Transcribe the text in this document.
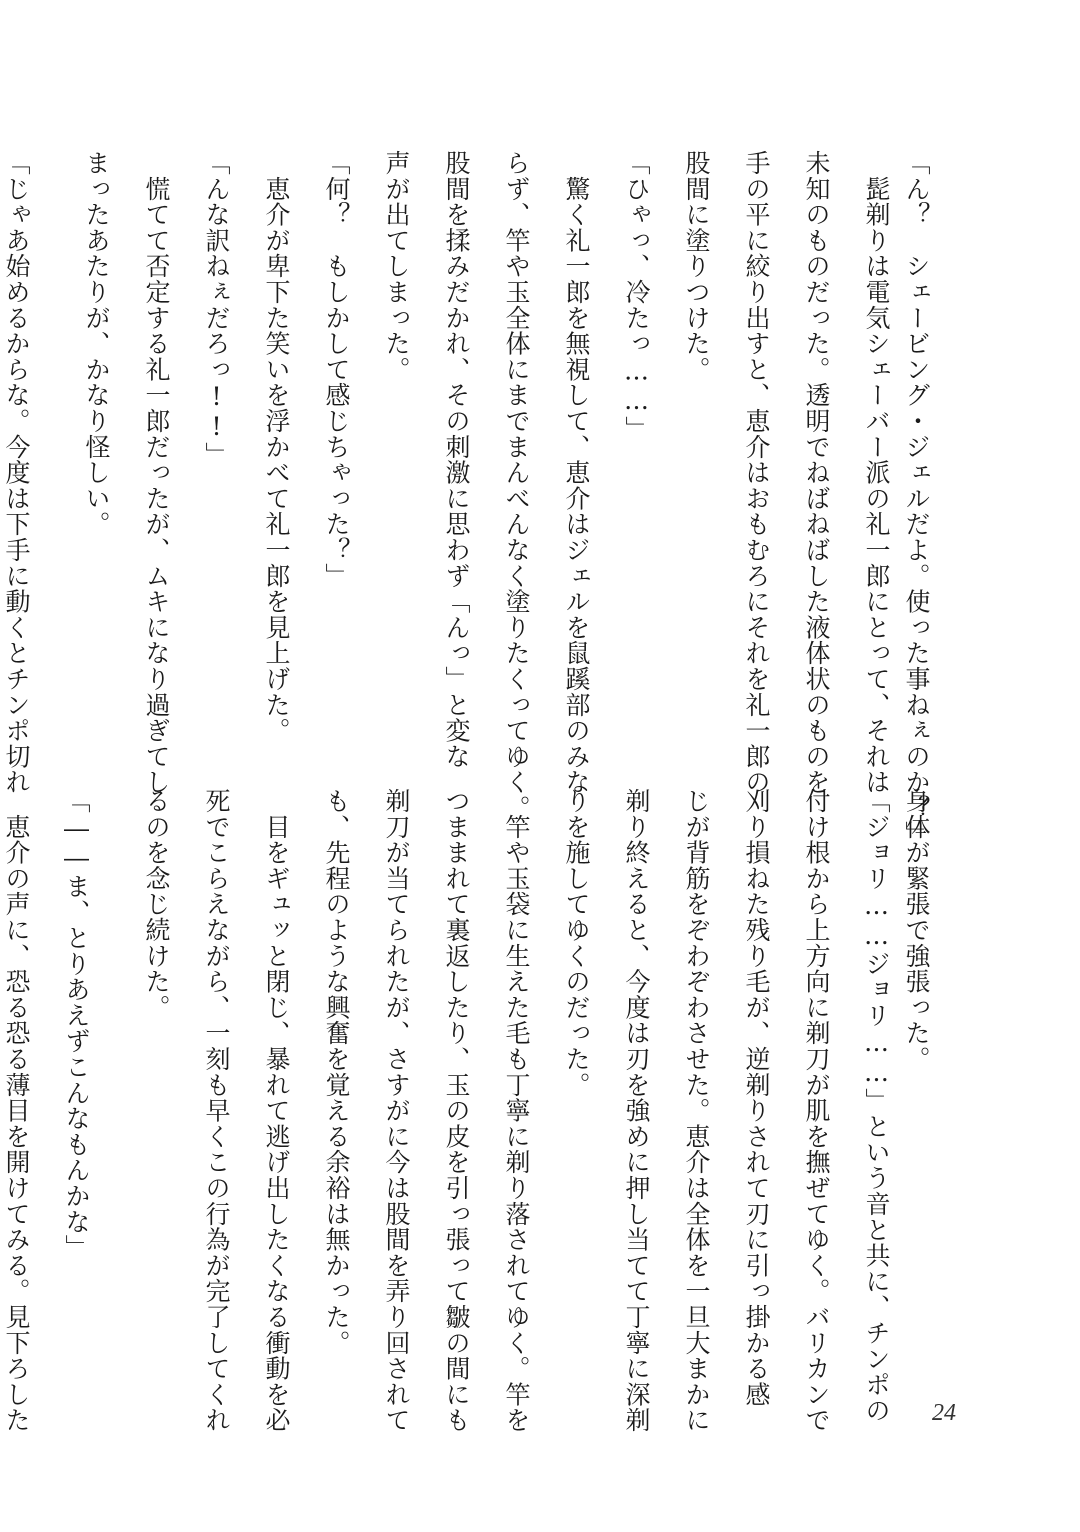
「ん？　シェービング・ジェルだよ。使った事ねぇのか？」
　髭剃りは電気シェーバー派の礼一郎にとって、それは
未知のものだった。透明でねばねばした液体状のものを
手の平に絞り出すと、恵介はおもむろにそれを礼一郎の
股間に塗りつけた。
「ひゃっ、冷たっ……」
　驚く礼一郎を無視して、恵介はジェルを鼠蹊部のみな
らず、竿や玉全体にまでまんべんなく塗りたくってゆく。
股間を揉みだかれ、その刺激に思わず「んっ」と変な
声が出てしまった。
「何？　もしかして感じちゃった？」
　恵介が卑下た笑いを浮かべて礼一郎を見上げた。
「んな訳ねぇだろっ!!」
　慌てて否定する礼一郎だったが、ムキになり過ぎてし
まったあたりが、かなり怪しい。
「じゃあ始めるからな。今度は下手に動くとチンポ切れ
身体が緊張で強張った。
「ジョリ……ジョリ……」という音と共に、チンポの
付け根から上方向に剃刀が肌を撫ぜてゆく。バリカンで
刈り損ねた残り毛が、逆剃りされて刃に引っ掛かる感
じが背筋をぞわぞわさせた。恵介は全体を一旦大まかに
剃り終えると、今度は刃を強めに押し当てて丁寧に深剃
りを施してゆくのだった。
　竿や玉袋に生えた毛も丁寧に剃り落されてゆく。竿を
つままれて裏返したり、玉の皮を引っ張って皺の間にも
剃刀が当てられたが、さすがに今は股間を弄り回されて
も、先程のような興奮を覚える余裕は無かった。
　目をギュッと閉じ、暴れて逃げ出したくなる衝動を必
死でこらえながら、一刻も早くこの行為が完了してくれ
るのを念じ続けた。
「――ま、とりあえずこんなもんかな」
　恵介の声に、恐る恐る薄目を開けてみる。見下ろした	24
